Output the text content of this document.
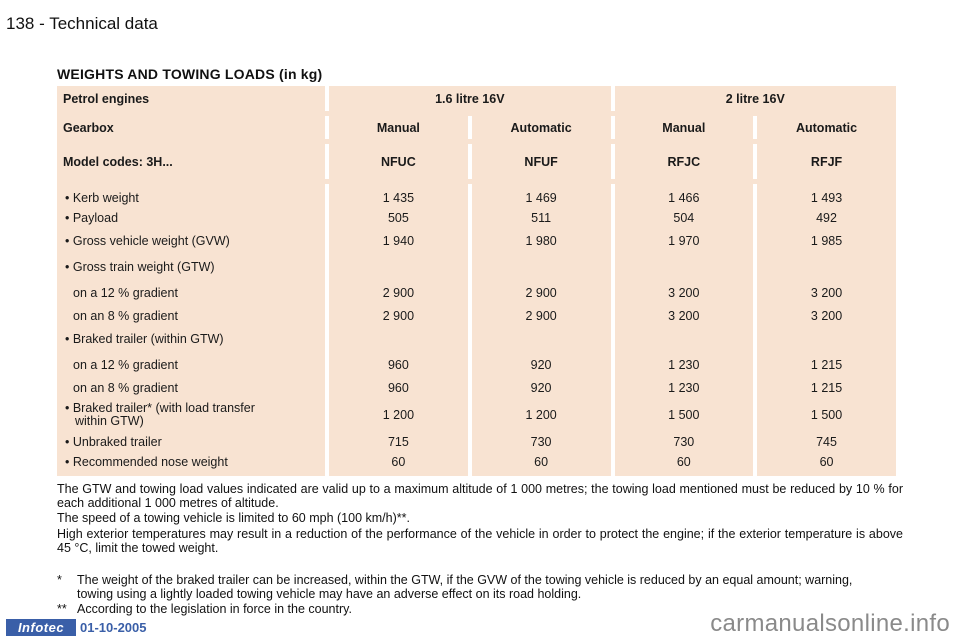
138 - Technical data
WEIGHTS AND TOWING LOADS (in kg)
Petrol engines	1.6 litre 16V		2 litre 16V	

Gearbox	Manual	Automatic	Manual	Automatic

Model codes: 3H...	NFUC	NFUF	RFJC	RFJF

• Kerb weight	1 435	1 469	1 466	1 493
• Payload	505	511	504	492
• Gross vehicle weight (GVW)	1 940	1 980	1 970	1 985
• Gross train weight (GTW)				
on a 12 % gradient	2 900	2 900	3 200	3 200
on an 8 % gradient	2 900	2 900	3 200	3 200
• Braked trailer (within GTW)				
on a 12 % gradient	960	920	1 230	1 215
on an 8 % gradient	960	920	1 230	1 215

• Braked trailer* (with load transfer
within GTW)	1 200	1 200	1 500	1 500
• Unbraked trailer	715	730	730	745
• Recommended nose weight	60	60	60	60
The GTW and towing load values indicated are valid up to a maximum altitude of 1 000 metres; the towing load mentioned must be reduced by 10 % for each additional 1 000 metres of altitude.
The speed of a towing vehicle is limited to 60 mph (100 km/h)**.
High exterior temperatures may result in a reduction of the performance of the vehicle in order to protect the engine; if the exterior temperature is above 45 °C, limit the towed weight.
* The weight of the braked trailer can be increased, within the GTW, if the GVW of the towing vehicle is reduced by an equal amount; warning, towing using a lightly loaded towing vehicle may have an adverse effect on its road holding.
** According to the legislation in force in the country.
Infotec	01-10-2005	carmanualsonline.info
